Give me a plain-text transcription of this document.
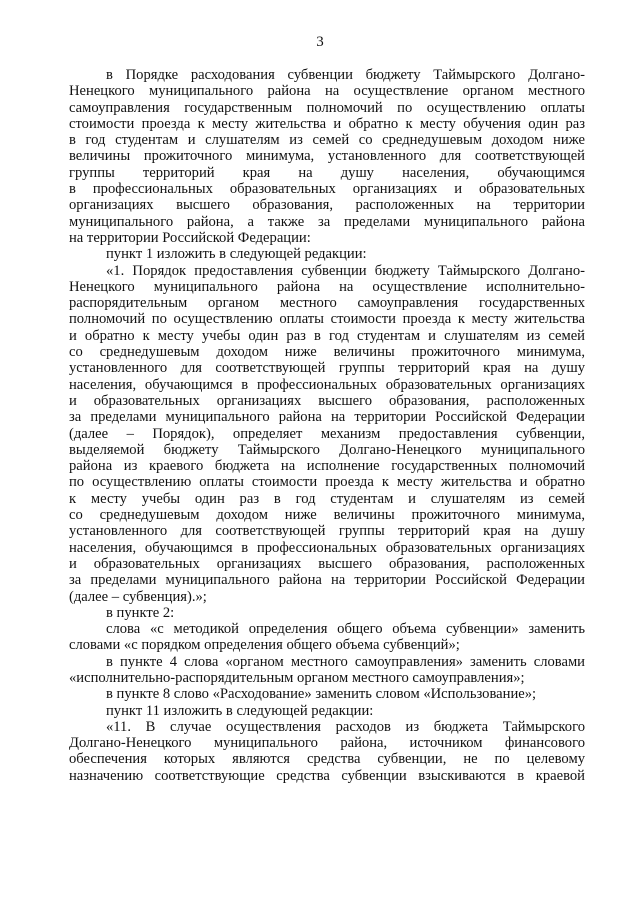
3
в Порядке расходования субвенции бюджету Таймырского Долгано-
Ненецкого муниципального района на осуществление органом местного
самоуправления государственным полномочий по осуществлению оплаты
стоимости проезда к месту жительства и обратно к месту обучения один раз
в год студентам и слушателям из семей со среднедушевым доходом ниже
величины прожиточного минимума, установленного для соответствующей
группы территорий края на душу населения, обучающимся
в профессиональных образовательных организациях и образовательных
организациях высшего образования, расположенных на территории
муниципального района, а также за пределами муниципального района
на территории Российской Федерации:
пункт 1 изложить в следующей редакции:
«1. Порядок предоставления субвенции бюджету Таймырского Долгано-
Ненецкого муниципального района на осуществление исполнительно-
распорядительным органом местного самоуправления государственных
полномочий по осуществлению оплаты стоимости проезда к месту жительства
и обратно к месту учебы один раз в год студентам и слушателям из семей
со среднедушевым доходом ниже величины прожиточного минимума,
установленного для соответствующей группы территорий края на душу
населения, обучающимся в профессиональных образовательных организациях
и образовательных организациях высшего образования, расположенных
за пределами муниципального района на территории Российской Федерации
(далее – Порядок), определяет механизм предоставления субвенции,
выделяемой бюджету Таймырского Долгано-Ненецкого муниципального
района из краевого бюджета на исполнение государственных полномочий
по осуществлению оплаты стоимости проезда к месту жительства и обратно
к месту учебы один раз в год студентам и слушателям из семей
со среднедушевым доходом ниже величины прожиточного минимума,
установленного для соответствующей группы территорий края на душу
населения, обучающимся в профессиональных образовательных организациях
и образовательных организациях высшего образования, расположенных
за пределами муниципального района на территории Российской Федерации
(далее – субвенция).»;
в пункте 2:
слова «с методикой определения общего объема субвенции» заменить
словами «с порядком определения общего объема субвенций»;
в пункте 4 слова «органом местного самоуправления» заменить словами
«исполнительно-распорядительным органом местного самоуправления»;
в пункте 8 слово «Расходование» заменить словом «Использование»;
пункт 11 изложить в следующей редакции:
«11. В случае осуществления расходов из бюджета Таймырского
Долгано-Ненецкого муниципального района, источником финансового
обеспечения которых являются средства субвенции, не по целевому
назначению соответствующие средства субвенции взыскиваются в краевой
